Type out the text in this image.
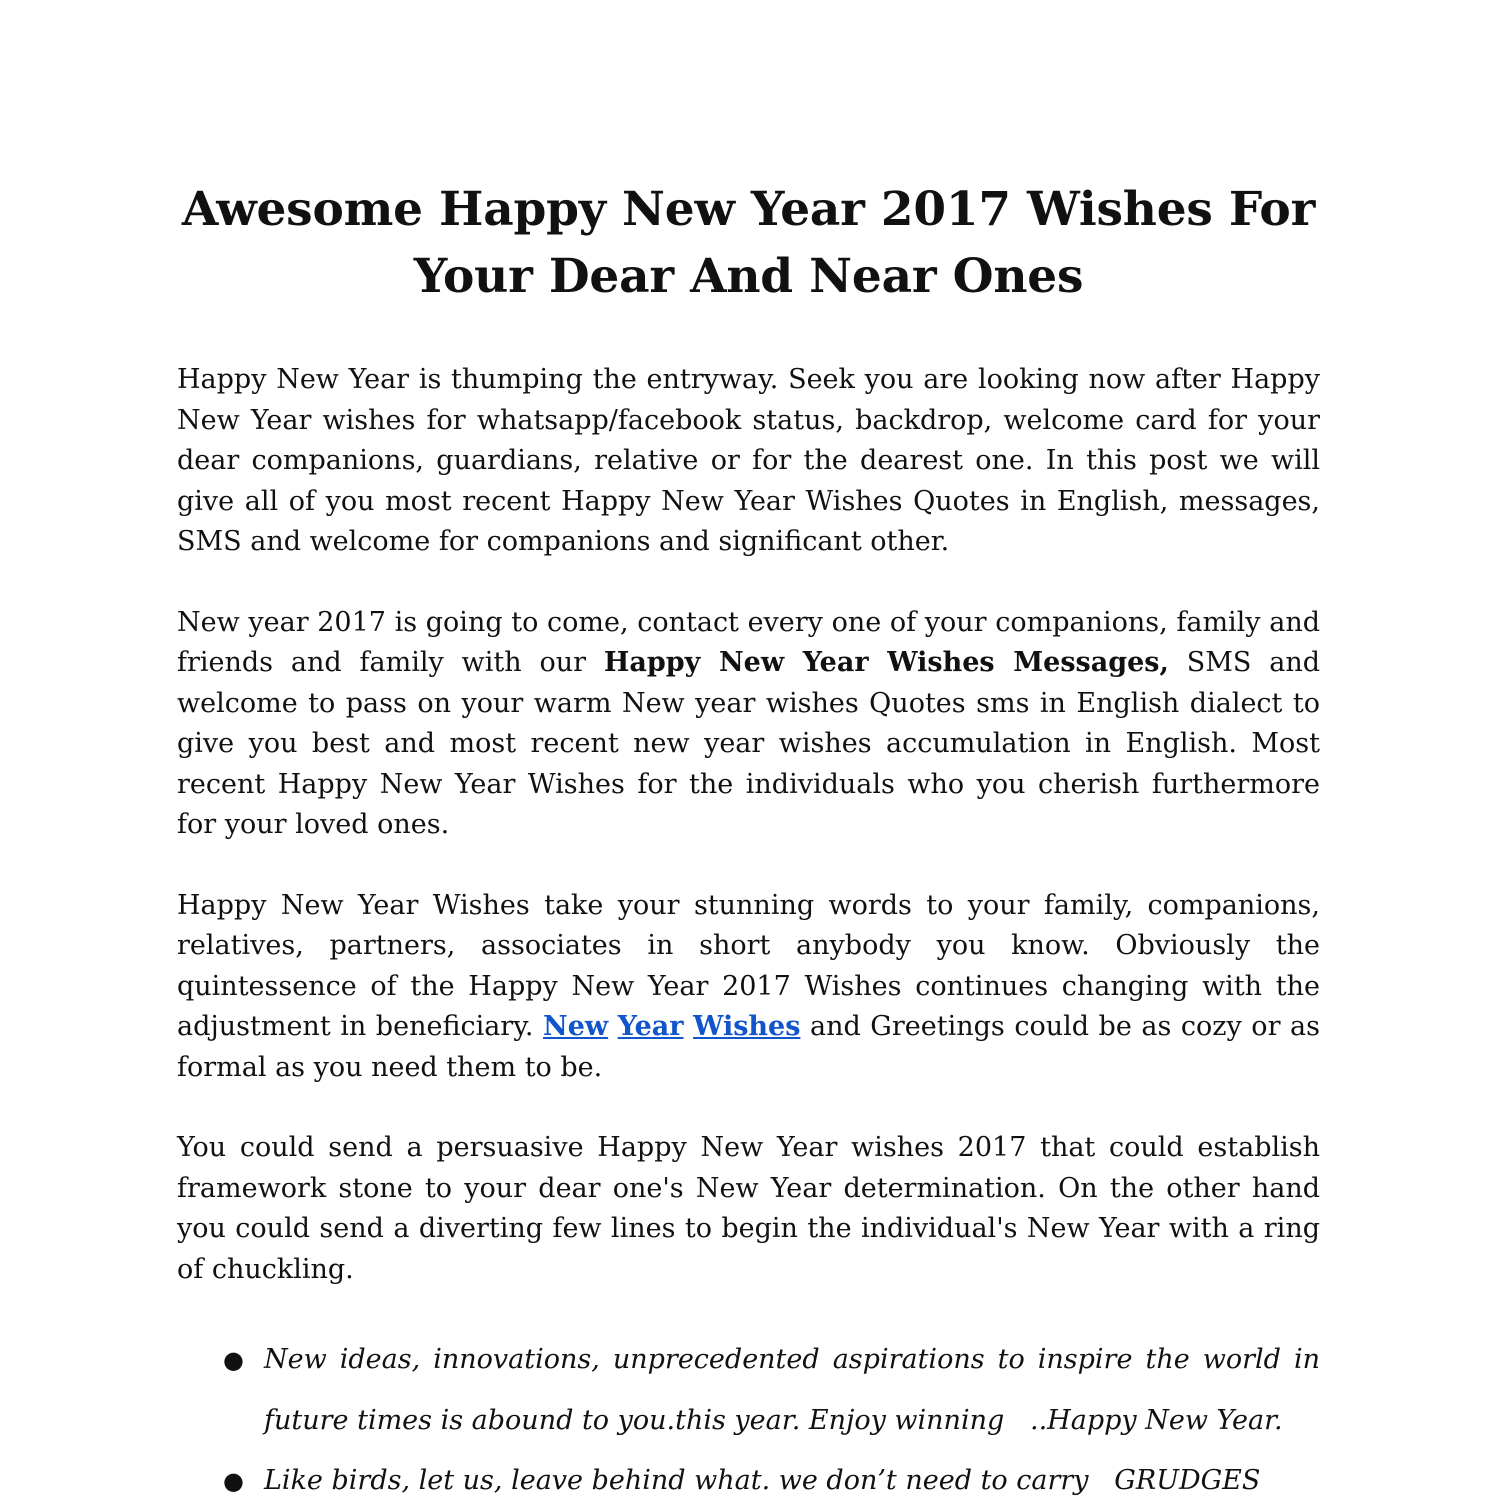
Awesome Happy New Year 2017 Wishes For Your Dear And Near Ones

Happy New Year is thumping the entryway. Seek you are looking now after Happy New Year wishes for whatsapp/facebook status, backdrop, welcome card for your dear companions, guardians, relative or for the dearest one. In this post we will give all of you most recent Happy New Year Wishes Quotes in English, messages, SMS and welcome for companions and significant other.

New year 2017 is going to come, contact every one of your companions, family and friends and family with our Happy New Year Wishes Messages, SMS and welcome to pass on your warm New year wishes Quotes sms in English dialect to give you best and most recent new year wishes accumulation in English. Most recent Happy New Year Wishes for the individuals who you cherish furthermore for your loved ones.

Happy New Year Wishes take your stunning words to your family, companions, relatives, partners, associates in short anybody you know. Obviously the quintessence of the Happy New Year 2017 Wishes continues changing with the adjustment in beneficiary. New Year Wishes and Greetings could be as cozy or as formal as you need them to be.

You could send a persuasive Happy New Year wishes 2017 that could establish framework stone to your dear one's New Year determination. On the other hand you could send a diverting few lines to begin the individual's New Year with a ring of chuckling.

● New ideas, innovations, unprecedented aspirations to inspire the world in future times is abound to you.this year. Enjoy winning   ..Happy New Year.
● Like birds, let us, leave behind what. we don’t need to carry   GRUDGES
